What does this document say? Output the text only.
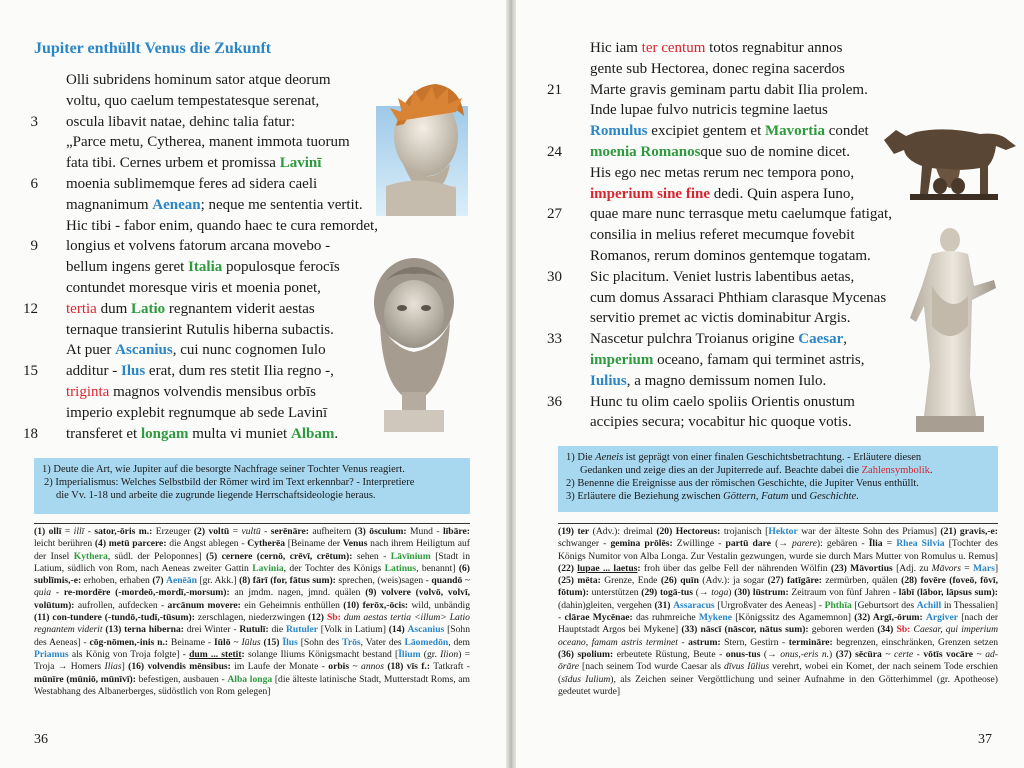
Jupiter enthüllt Venus die Zukunft
Olli subridens hominum sator atque deorum
voltu, quo caelum tempestatesque serenat,
3 oscula libavit natae, dehinc talia fatur:
„Parce metu, Cytherea, manent immota tuorum
fata tibi. Cernes urbem et promissa Lavinī
6 moenia sublimemque feres ad sidera caeli
magnanimum Aenean; neque me sententia vertit.
Hic tibi - fabor enim, quando haec te cura remordet,
9 longius et volvens fatorum arcana movebo -
bellum ingens geret Italia populosque ferocīs
contundet moresque viris et moenia ponet,
12 tertia dum Latio regnantem viderit aestas
ternaque transierint Rutulis hiberna subactis.
At puer Ascanius, cui nunc cognomen Iulo
15 additur - Ilus erat, dum res stetit Ilia regno -,
triginta magnos volvendis mensibus orbīs
imperio explebit regnumque ab sede Lavinī
18 transferet et longam multa vi muniet Albam.

1) Deute die Art, wie Jupiter auf die besorgte Nachfrage seiner Tochter Venus reagiert.

2) Imperialismus: Welches Selbstbild der Römer wird im Text erkennbar? - Interpretiere

die Vv. 1-18 und arbeite die zugrunde liegende Herrschaftsideologie heraus.

(1) ollī = illī - sator,-ōris m.: Erzeuger (2) voltū = vultū - serēnāre: aufheitern (3) ōsculum: Mund - lībāre: leicht berühren (4) metū parcere: die Angst ablegen - Cytherēa [Beiname der Venus nach ihrem Heiligtum auf der Insel Kythera, südl. der Peloponnes] (5) cernere (cernō, crēvī, crētum): sehen - Lāvīnium [Stadt in Latium, südlich von Rom, nach Aeneas zweiter Gattin Lavinia, der Tochter des Königs Latinus, benannt] (6) sublīmis,-e: erhoben, erhaben (7) Aenēān [gr. Akk.] (8) fārī (for, fātus sum): sprechen, (weis)sagen - quandō ~ quia - re-mordēre (-mordeō,-mordī,-morsum): an jmdm. nagen, jmnd. quälen (9) volvere (volvō, volvī, volūtum): aufrollen, aufdecken - arcānum movere: ein Geheimnis enthüllen (10) ferōx,-ōcis: wild, unbändig (11) con-tundere (-tundō,-tudī,-tūsum): zerschlagen, niederzwingen (12) Sb: dum aestas tertia <illum> Latio regnantem viderit (13) terna hiberna: drei Winter - Rutulī: die Rutuler [Volk in Latium] (14) Ascanius [Sohn des Aeneas] - cōg-nōmen,-inis n.: Beiname - Iūlō ~ Iūlus (15) Īlus [Sohn des Trōs, Vater des Lāomedōn, dem Priamus als König von Troja folgte] - dum ... stetit: solange Iliums Königsmacht bestand [Īlium (gr. Ilion) = Troja → Homers Ilias] (16) volvendis mēnsibus: im Laufe der Monate - orbis ~ annos (18) vīs f.: Tatkraft - mūnīre (mūniō, mūnīvī): befestigen, ausbauen - Alba longa [die älteste latinische Stadt, Mutterstadt Roms, am Westabhang des Albanerberges, südöstlich von Rom gelegen]
36
Hic iam ter centum totos regnabitur annos
gente sub Hectorea, donec regina sacerdos
21 Marte gravis geminam partu dabit Ilia prolem.
Inde lupae fulvo nutricis tegmine laetus
Romulus excipiet gentem et Mavortia condet
24 moenia Romanosque suo de nomine dicet.
His ego nec metas rerum nec tempora pono,
imperium sine fine dedi. Quin aspera Iuno,
27 quae mare nunc terrasque metu caelumque fatigat,
consilia in melius referet mecumque fovebit
Romanos, rerum dominos gentemque togatam.
30 Sic placitum. Veniet lustris labentibus aetas,
cum domus Assaraci Phthiam clarasque Mycenas
servitio premet ac victis dominabitur Argis.
33 Nascetur pulchra Troianus origine Caesar,
imperium oceano, famam qui terminet astris,
Iulius, a magno demissum nomen Iulo.
36 Hunc tu olim caelo spoliis Orientis onustum
accipies secura; vocabitur hic quoque votis.

1) Die Aeneis ist geprägt von einer finalen Geschichtsbetrachtung. - Erläutere diesen

Gedanken und zeige dies an der Jupiterrede auf. Beachte dabei die Zahlensymbolik.

2) Benenne die Ereignisse aus der römischen Geschichte, die Jupiter Venus enthüllt.

3) Erläutere die Beziehung zwischen Göttern, Fatum und Geschichte.

(19) ter (Adv.): dreimal (20) Hectoreus: trojanisch [Hektor war der älteste Sohn des Priamus] (21) gravis,-e: schwanger - gemina prōlēs: Zwillinge - partū dare (→ parere): gebären - Īlia = Rhea Silvia [Tochter des Königs Numitor von Alba Longa. Zur Vestalin gezwungen, wurde sie durch Mars Mutter von Romulus u. Remus] (22) lupae ... laetus: froh über das gelbe Fell der nährenden Wölfin (23) Māvortius [Adj. zu Māvors = Mars] (25) mēta: Grenze, Ende (26) quīn (Adv.): ja sogar (27) fatīgāre: zermürben, quälen (28) fovēre (foveō, fōvī, fōtum): unterstützen (29) togā-tus (→ toga) (30) lūstrum: Zeitraum von fünf Jahren - lābī (lābor, lāpsus sum): (dahin)gleiten, vergehen (31) Assaracus [Urgroßvater des Aeneas] - Phthīa [Geburtsort des Achill in Thessalien] - clārae Mycēnae: das ruhmreiche Mykene [Königssitz des Agamemnon] (32) Argī,-ōrum: Argiver [nach der Hauptstadt Argos bei Mykene] (33) nāscī (nāscor, nātus sum): geboren werden (34) Sb: Caesar, qui imperium oceano, famam astris terminet - astrum: Stern, Gestirn - termināre: begrenzen, einschränken, Grenzen setzen (36) spolium: erbeutete Rüstung, Beute - onus-tus (→ onus,-eris n.) (37) sēcūra ~ certe - vōtīs vocāre ~ ad-ōrāre [nach seinem Tod wurde Caesar als dīvus Iūlius verehrt, wobei ein Komet, der nach seinem Tode erschien (sīdus Iulium), als Zeichen seiner Vergöttlichung und seiner Aufnahme in den Götterhimmel (gr. Apotheose) gedeutet wurde]
37
